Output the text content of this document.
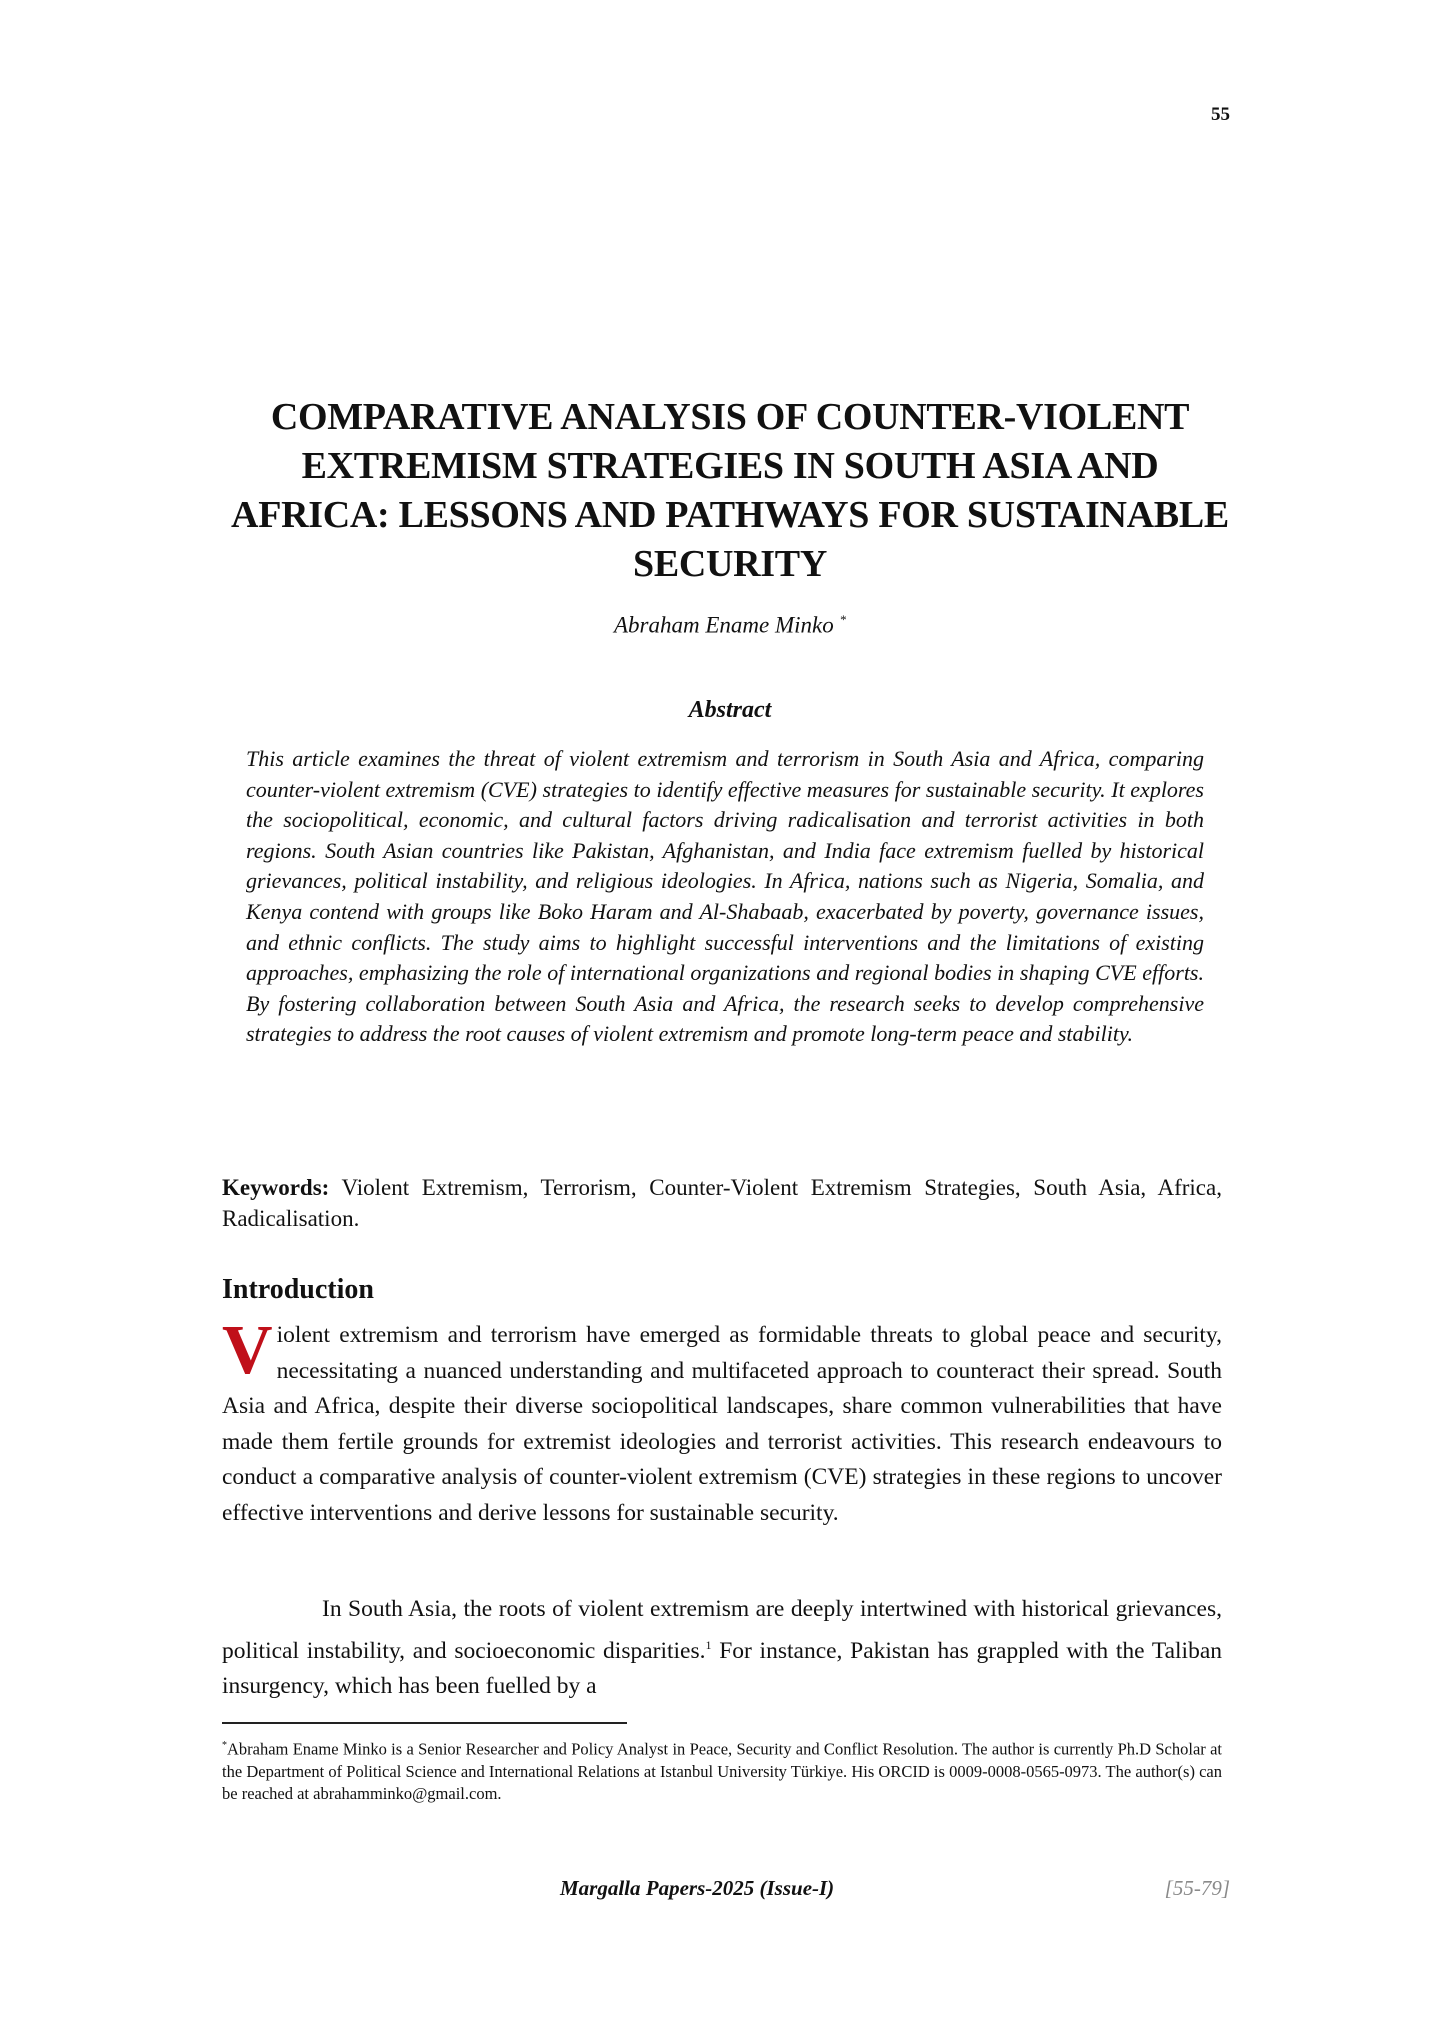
55
COMPARATIVE ANALYSIS OF COUNTER-VIOLENT EXTREMISM STRATEGIES IN SOUTH ASIA AND AFRICA: LESSONS AND PATHWAYS FOR SUSTAINABLE SECURITY
Abraham Ename Minko *
Abstract
This article examines the threat of violent extremism and terrorism in South Asia and Africa, comparing counter-violent extremism (CVE) strategies to identify effective measures for sustainable security. It explores the sociopolitical, economic, and cultural factors driving radicalisation and terrorist activities in both regions. South Asian countries like Pakistan, Afghanistan, and India face extremism fuelled by historical grievances, political instability, and religious ideologies. In Africa, nations such as Nigeria, Somalia, and Kenya contend with groups like Boko Haram and Al-Shabaab, exacerbated by poverty, governance issues, and ethnic conflicts. The study aims to highlight successful interventions and the limitations of existing approaches, emphasizing the role of international organizations and regional bodies in shaping CVE efforts. By fostering collaboration between South Asia and Africa, the research seeks to develop comprehensive strategies to address the root causes of violent extremism and promote long-term peace and stability.
Keywords: Violent Extremism, Terrorism, Counter-Violent Extremism Strategies, South Asia, Africa, Radicalisation.
Introduction
Violent extremism and terrorism have emerged as formidable threats to global peace and security, necessitating a nuanced understanding and multifaceted approach to counteract their spread. South Asia and Africa, despite their diverse sociopolitical landscapes, share common vulnerabilities that have made them fertile grounds for extremist ideologies and terrorist activities. This research endeavours to conduct a comparative analysis of counter-violent extremism (CVE) strategies in these regions to uncover effective interventions and derive lessons for sustainable security.
In South Asia, the roots of violent extremism are deeply intertwined with historical grievances, political instability, and socioeconomic disparities.$^1$ For instance, Pakistan has grappled with the Taliban insurgency, which has been fuelled by a
*Abraham Ename Minko is a Senior Researcher and Policy Analyst in Peace, Security and Conflict Resolution. The author is currently Ph.D Scholar at the Department of Political Science and International Relations at Istanbul University Türkiye. His ORCID is 0009-0008-0565-0973. The author(s) can be reached at abrahamminko@gmail.com.
Margalla Papers-2025 (Issue-I)	[55-79]
